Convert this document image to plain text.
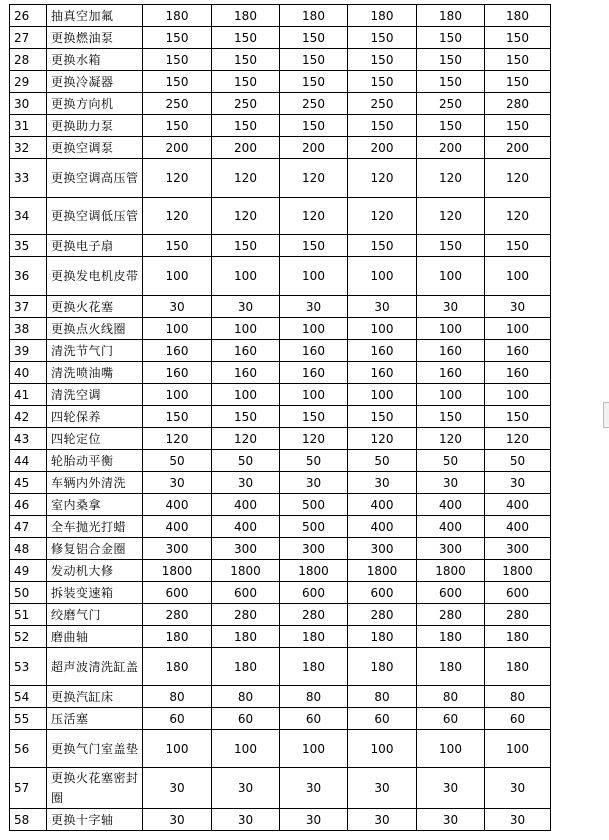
26	抽真空加氟	180	180	180	180	180	180
27	更换燃油泵	150	150	150	150	150	150
28	更换水箱	150	150	150	150	150	150
29	更换冷凝器	150	150	150	150	150	150
30	更换方向机	250	250	250	250	250	280
31	更换助力泵	150	150	150	150	150	150
32	更换空调泵	200	200	200	200	200	200
33	更换空调高压管	120	120	120	120	120	120
34	更换空调低压管	120	120	120	120	120	120
35	更换电子扇	150	150	150	150	150	150
36	更换发电机皮带	100	100	100	100	100	100
37	更换火花塞	30	30	30	30	30	30
38	更换点火线圈	100	100	100	100	100	100
39	清洗节气门	160	160	160	160	160	160
40	清洗喷油嘴	160	160	160	160	160	160
41	清洗空调	100	100	100	100	100	100
42	四轮保养	150	150	150	150	150	150
43	四轮定位	120	120	120	120	120	120
44	轮胎动平衡	50	50	50	50	50	50
45	车辆内外清洗	30	30	30	30	30	30
46	室内桑拿	400	400	500	400	400	400
47	全车抛光打蜡	400	400	500	400	400	400
48	修复铝合金圈	300	300	300	300	300	300
49	发动机大修	1800	1800	1800	1800	1800	1800
50	拆装变速箱	600	600	600	600	600	600
51	绞磨气门	280	280	280	280	280	280
52	磨曲轴	180	180	180	180	180	180
53	超声波清洗缸盖	180	180	180	180	180	180
54	更换汽缸床	80	80	80	80	80	80
55	压活塞	60	60	60	60	60	60
56	更换气门室盖垫	100	100	100	100	100	100
57	更换火花塞密封圈	30	30	30	30	30	30
58	更换十字轴	30	30	30	30	30	30
